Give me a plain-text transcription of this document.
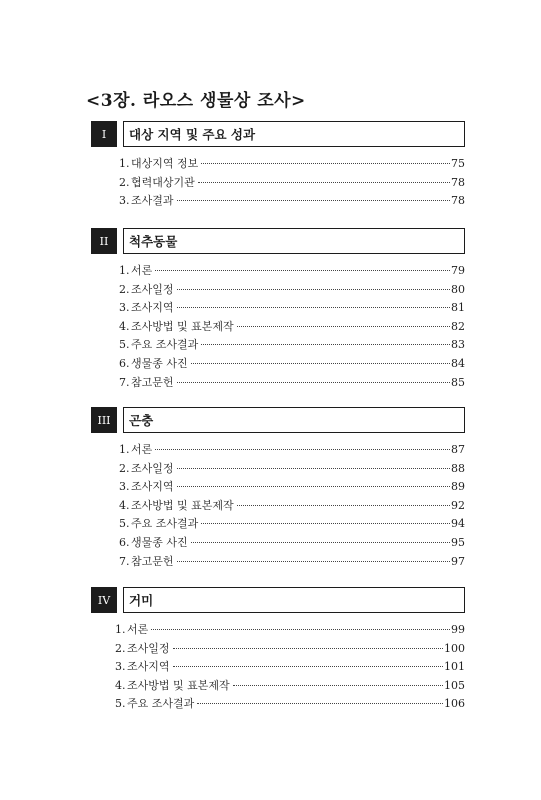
<3장. 라오스 생물상 조사>
I	대상 지역 및 주요 성과
1. 대상지역 정보	75
2. 협력대상기관	78
3. 조사결과	78
II	척추동물
1. 서론	79
2. 조사일정	80
3. 조사지역	81
4. 조사방법 및 표본제작	82
5. 주요 조사결과	83
6. 생물종 사진	84
7. 참고문헌	85
III	곤충
1. 서론	87
2. 조사일정	88
3. 조사지역	89
4. 조사방법 및 표본제작	92
5. 주요 조사결과	94
6. 생물종 사진	95
7. 참고문헌	97
IV	거미
1. 서론	99
2. 조사일정	100
3. 조사지역	101
4. 조사방법 및 표본제작	105
5. 주요 조사결과	106
